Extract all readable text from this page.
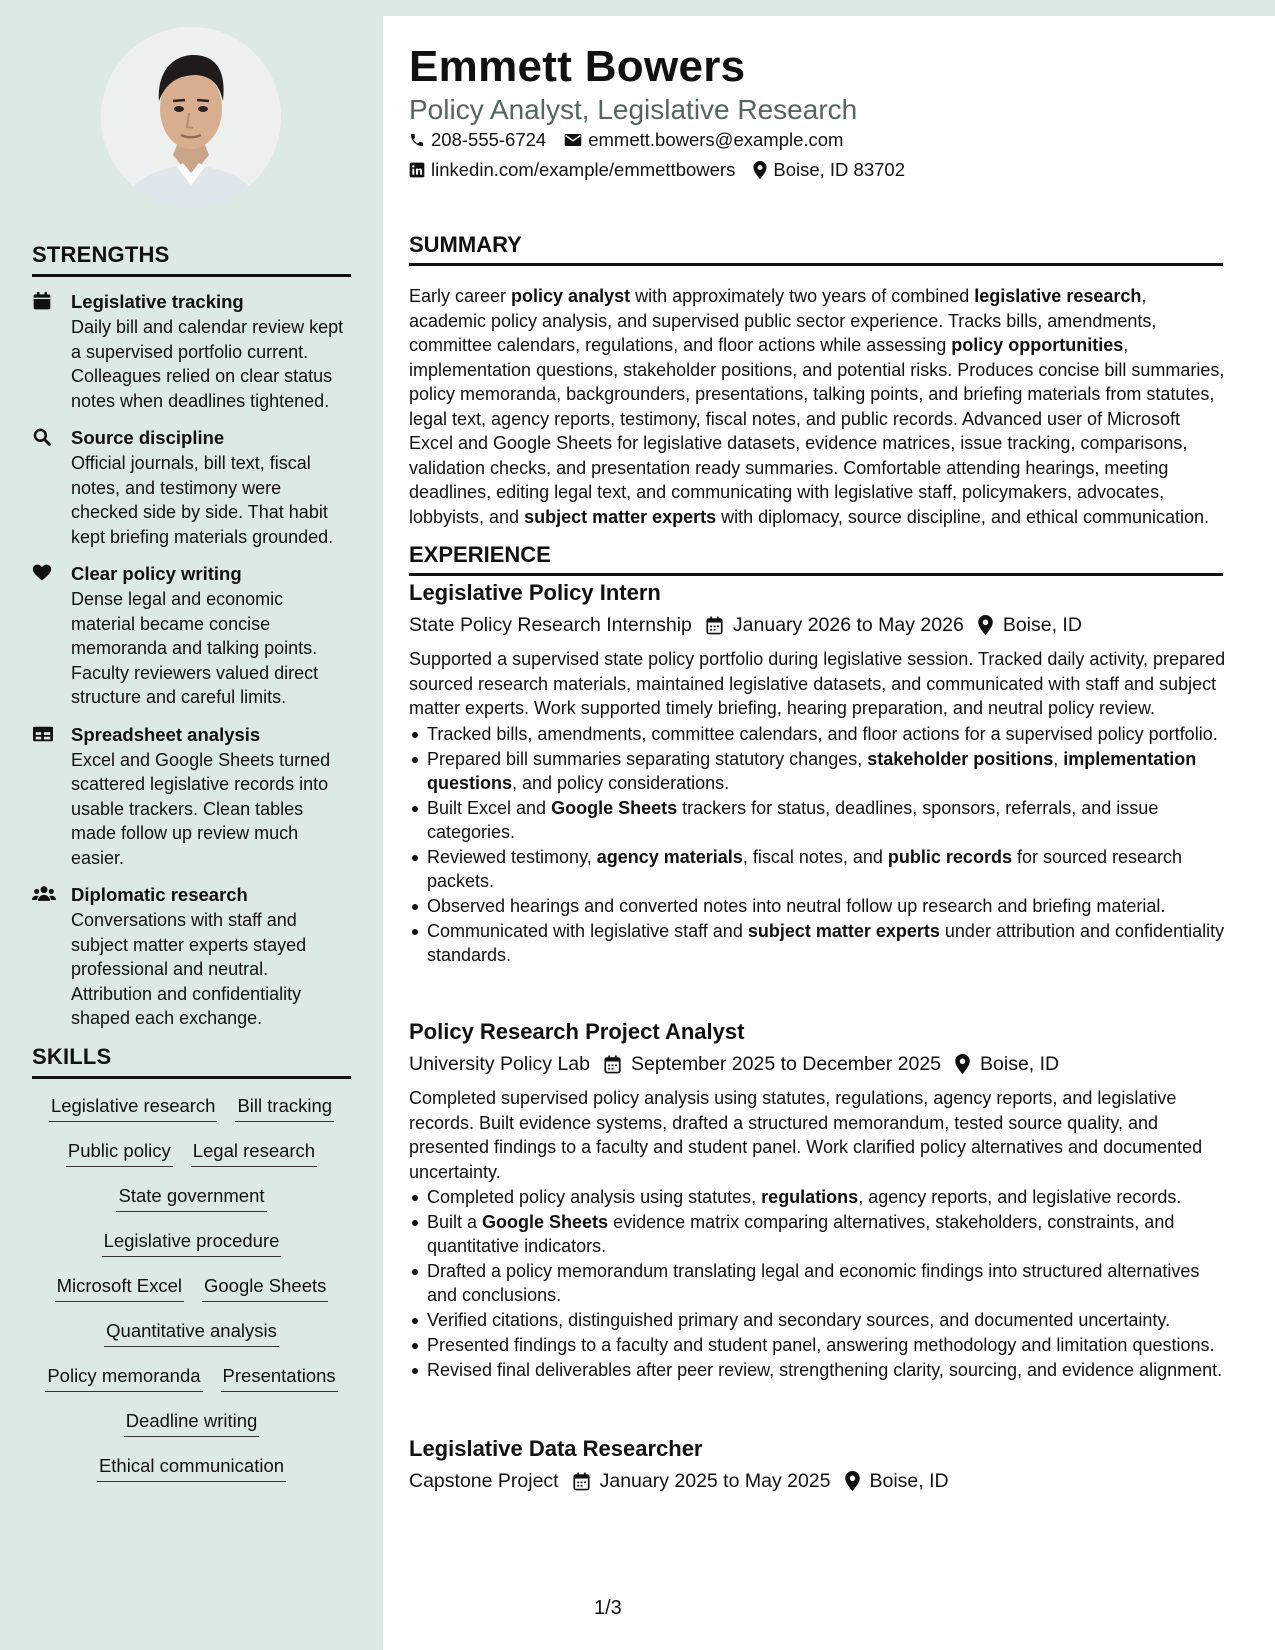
STRENGTHS
Legislative tracking
Daily bill and calendar review kept a supervised portfolio current. Colleagues relied on clear status notes when deadlines tightened.
Source discipline
Official journals, bill text, fiscal notes, and testimony were checked side by side. That habit kept briefing materials grounded.
Clear policy writing
Dense legal and economic material became concise memoranda and talking points. Faculty reviewers valued direct structure and careful limits.
Spreadsheet analysis
Excel and Google Sheets turned scattered legislative records into usable trackers. Clean tables made follow up review much easier.
Diplomatic research
Conversations with staff and subject matter experts stayed professional and neutral. Attribution and confidentiality shaped each exchange.
SKILLS
Legislative research Bill tracking
Public policy Legal research
State government
Legislative procedure
Microsoft Excel Google Sheets
Quantitative analysis
Policy memoranda Presentations
Deadline writing
Ethical communication
Emmett Bowers
Policy Analyst, Legislative Research
208-555-6724 emmett.bowers@example.com
linkedin.com/example/emmettbowers Boise, ID 83702
SUMMARY
Early career policy analyst with approximately two years of combined legislative research, academic policy analysis, and supervised public sector experience. Tracks bills, amendments, committee calendars, regulations, and floor actions while assessing policy opportunities, implementation questions, stakeholder positions, and potential risks. Produces concise bill summaries, policy memoranda, backgrounders, presentations, talking points, and briefing materials from statutes, legal text, agency reports, testimony, fiscal notes, and public records. Advanced user of Microsoft Excel and Google Sheets for legislative datasets, evidence matrices, issue tracking, comparisons, validation checks, and presentation ready summaries. Comfortable attending hearings, meeting deadlines, editing legal text, and communicating with legislative staff, policymakers, advocates, lobbyists, and subject matter experts with diplomacy, source discipline, and ethical communication.
EXPERIENCE
Legislative Policy Intern
State Policy Research Internship January 2026 to May 2026 Boise, ID
Supported a supervised state policy portfolio during legislative session. Tracked daily activity, prepared sourced research materials, maintained legislative datasets, and communicated with staff and subject matter experts. Work supported timely briefing, hearing preparation, and neutral policy review.
Tracked bills, amendments, committee calendars, and floor actions for a supervised policy portfolio.
Prepared bill summaries separating statutory changes, stakeholder positions, implementation questions, and policy considerations.
Built Excel and Google Sheets trackers for status, deadlines, sponsors, referrals, and issue categories.
Reviewed testimony, agency materials, fiscal notes, and public records for sourced research packets.
Observed hearings and converted notes into neutral follow up research and briefing material.
Communicated with legislative staff and subject matter experts under attribution and confidentiality standards.
Policy Research Project Analyst
University Policy Lab September 2025 to December 2025 Boise, ID
Completed supervised policy analysis using statutes, regulations, agency reports, and legislative records. Built evidence systems, drafted a structured memorandum, tested source quality, and presented findings to a faculty and student panel. Work clarified policy alternatives and documented uncertainty.
Completed policy analysis using statutes, regulations, agency reports, and legislative records.
Built a Google Sheets evidence matrix comparing alternatives, stakeholders, constraints, and quantitative indicators.
Drafted a policy memorandum translating legal and economic findings into structured alternatives and conclusions.
Verified citations, distinguished primary and secondary sources, and documented uncertainty.
Presented findings to a faculty and student panel, answering methodology and limitation questions.
Revised final deliverables after peer review, strengthening clarity, sourcing, and evidence alignment.
Legislative Data Researcher
Capstone Project January 2025 to May 2025 Boise, ID
1/3
